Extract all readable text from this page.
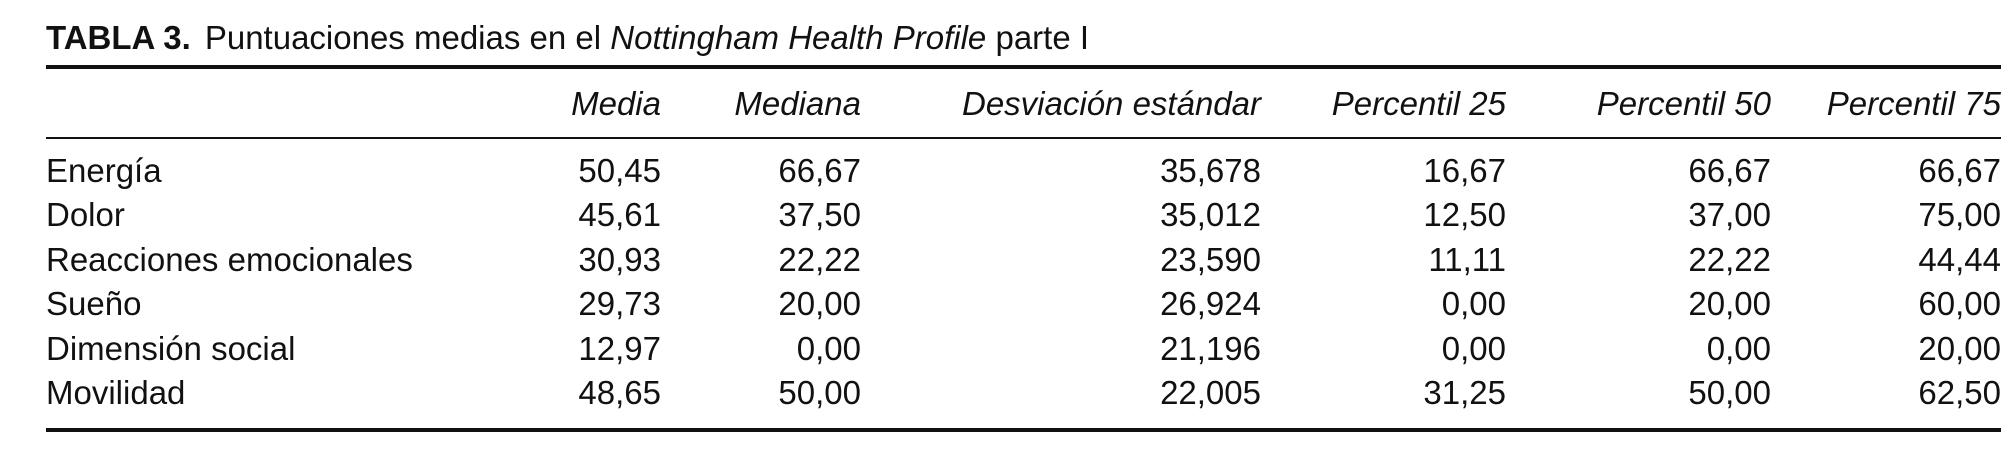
TABLA 3. Puntuaciones medias en el Nottingham Health Profile parte I
	Media	Mediana	Desviación estándar	Percentil 25	Percentil 50	Percentil 75
Energía	50,45	66,67	35,678	16,67	66,67	66,67
Dolor	45,61	37,50	35,012	12,50	37,00	75,00
Reacciones emocionales	30,93	22,22	23,590	11,11	22,22	44,44
Sueño	29,73	20,00	26,924	0,00	20,00	60,00
Dimensión social	12,97	0,00	21,196	0,00	0,00	20,00
Movilidad	48,65	50,00	22,005	31,25	50,00	62,50
